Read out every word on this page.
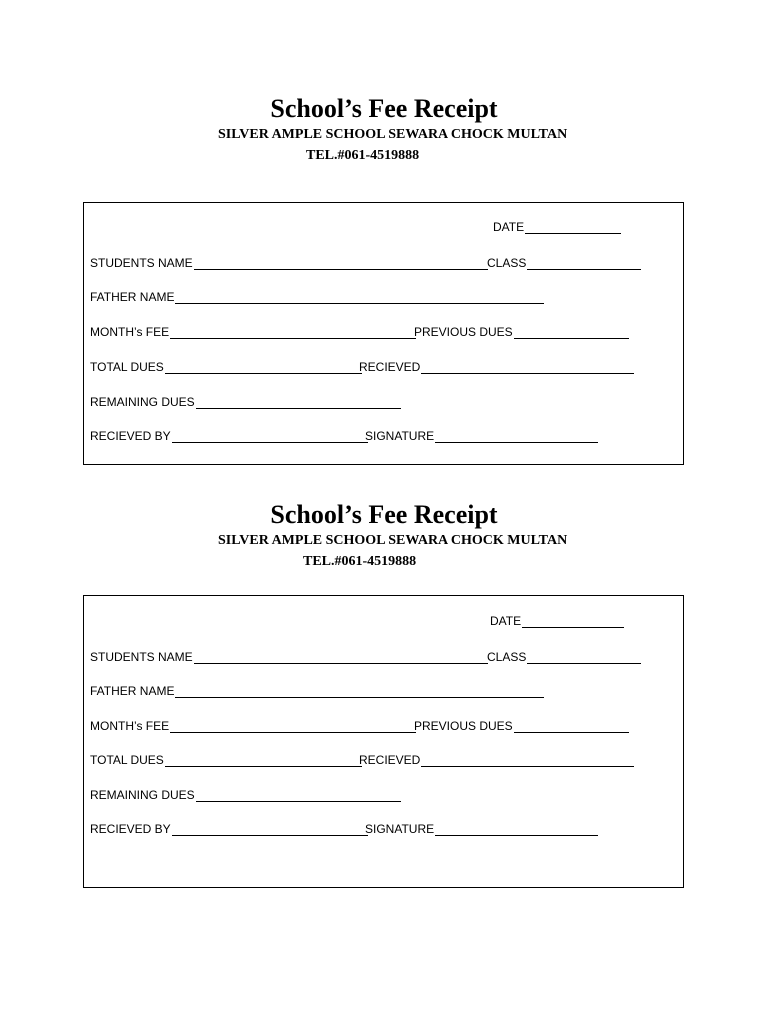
School’s Fee Receipt
SILVER AMPLE SCHOOL SEWARA CHOCK MULTAN
TEL.#061-4519888
DATE
STUDENTS NAME	CLASS
FATHER NAME
MONTH’s FEE	PREVIOUS DUES
TOTAL DUES	RECIEVED
REMAINING DUES
RECIEVED BY	SIGNATURE
School’s Fee Receipt
SILVER AMPLE SCHOOL SEWARA CHOCK MULTAN
TEL.#061-4519888
DATE
STUDENTS NAME	CLASS
FATHER NAME
MONTH’s FEE	PREVIOUS DUES
TOTAL DUES	RECIEVED
REMAINING DUES
RECIEVED BY	SIGNATURE
